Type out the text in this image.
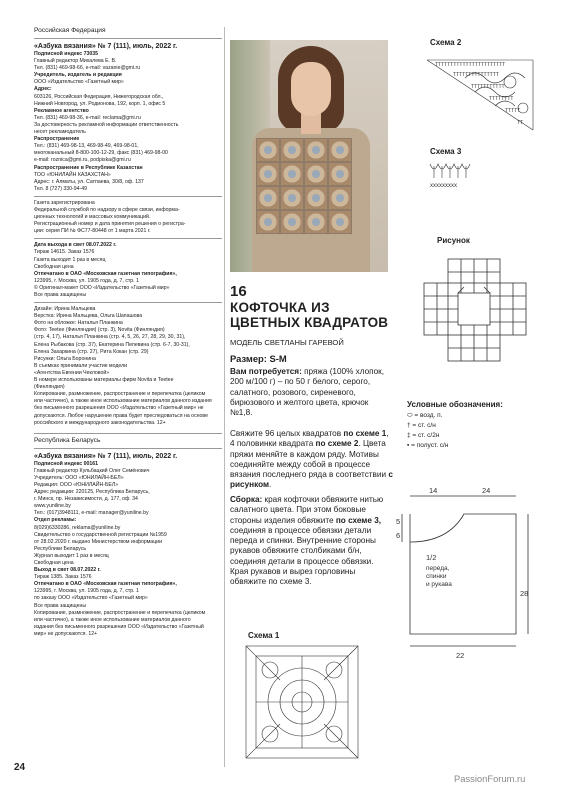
Российская Федерация

«Азбука вязания» № 7 (111), июль, 2022 г.

Подписной индекс 73035

Главный редактор Михалева Е. В.

Тел. (831) 469-98-66, e-mail: vazanie@gmi.ru

Учредитель, издатель и редакция

ООО «Издательство «Газетный мир»

Адрес:

603126, Российская Федерация, Нижегородская обл.,

Нижний Новгород, ул. Родионова, 192, корп. 1, офис 5

Рекламное агентство

Тел. (831) 469-98-36, e-mail: reclama@gmi.ru

За достоверность рекламной информации ответственность

несет рекламодатель

Распространение

Тел.: (831) 469-98-13, 469-98-49, 469-98-01,

многоканальный 8-800-100-12-29, факс (831) 469-98-00

e-mail: roznica@gmi.ru, podpiska@gmi.ru

Распространение в Республике Казахстан

ТОО «ЮНИЛАЙН КАЗАХСТАН»

Адрес: г. Алматы, ул. Сатпаева, 30/8, оф. 137

Тел. 8 (727) 330-94-49

Газета зарегистрирована

Федеральной службой по надзору в сфере связи, информа-

ционных технологий и массовых коммуникаций.

Регистрационный номер и дата принятия решения о регистра-

ции: серия ПИ № ФС77-80448 от 1 марта 2021 г.

Дата выхода в свет 08.07.2022 г.

Тираж 14615. Заказ 1576

Газета выходит 1 раз в месяц

Свободная цена

Отпечатано в ОАО «Московская газетная типография»,

123995, г. Москва, ул. 1905 года, д. 7, стр. 1

© Оригинал-макет ООО «Издательство «Газетный мир»

Все права защищены

Дизайн: Ирина Мальцева

Верстка: Ирина Мальцева, Ольга Шапашова

Фото на обложке: Наталья Планкина

Фото: Teetee (Финляндия) (стр. 3), Novita (Финляндия)

(стр. 4, 17), Наталья Планкина (стр. 4, 5, 26, 27, 28, 29, 30, 31),

Елена Рыбакова (стр. 37), Екатерина Пелевина (стр. 6-7, 30-31),

Елена Захаркина (стр. 27), Рита Кокан (стр. 29)

Рисунки: Ольга Боронина

В съемках принимали участие модели

«Агентства Евгении Чекловой»

В номере использованы материалы фирм Novita и Teetee

(Финляндия)

Копирование, размножение, распространение и перепечатка (целиком

или частично), а также иное использование материалов данного издания

без письменного разрешения ООО «Издательство «Газетный мир» не

допускаются. Любое нарушение права будет преследоваться на основе

российского и международного законодательства. 12+

Республика Беларусь

«Азбука вязания» № 7 (111), июль, 2022 г.

Подписной индекс 00161

Главный редактор Кульбацкий Олег Семёнович

Учредитель: ООО «ЮНИЛАЙН-БЕЛ»

Редакция: ООО «ЮНИЛАЙН-БЕЛ»

Адрес редакции: 220125, Республика Беларусь,

г. Минск, пр. Независимости, д. 177, оф. 34

www.yuniline.by

Тел.: (017)3948111, e-mail: manager@yuniline.by

Отдел рекламы:

8(029)6330286, reklama@yuniline.by

Свидетельство о государственной регистрации №1959

от 28.02.2020 г. выдано Министерством информации

Республики Беларусь

Журнал выходит 1 раз в месяц

Свободная цена

Выход в свет 08.07.2022 г.

Тираж 1385. Заказ 1576

Отпечатано в ОАО «Московская газетная типография»,

123995, г. Москва, ул. 1905 года, д. 7, стр. 1

по заказу ООО «Издательство «Газетный мир»

Все права защищены

Копирование, размножение, распространение и перепечатка (целиком

или частично), а также иное использование материалов данного

издания без письменного разрешения ООО «Издательство «Газетный

мир» не допускаются. 12+

16
КОФТОЧКА ИЗ ЦВЕТНЫХ КВАДРАТОВ
МОДЕЛЬ СВЕТЛАНЫ ГАРЕВОЙ
Размер: S-M

Вам потребуется: пряжа (100% хлопок, 200 м/100 г) – по 50 г белого, серого, салатного, розового, сиреневого, бирюзового и желтого цвета, крючок №1,8.

Свяжите 96 целых квадратов по схеме 1, 4 половинки квадрата по схеме 2. Цвета пряжи меняйте в каждом ряду. Мотивы соединяйте между собой в процессе вязания последнего ряда в соответствии с рисунком.

Сборка: края кофточки обвяжите нитью салатного цвета. При этом боковые стороны изделия обвяжите по схеме 3, соединяя в процессе обвязки детали переда и спинки. Внутренние стороны рукавов обвяжите столбиками б/н, соединяя детали в процессе обвязки. Края рукавов и вырез горловины обвяжите по схеме 3.

Схема 2
Схема 3
Рисунок
Схема 1
TTTTTTTTTTTTTTTTTTTTTTT
TTTTTTTTTTTTTTT
TTTTTTTTTTT
TTTTTTTT
TTTTT
TT
xxxxxxxxx
Условные обозначения:
⬭ = возд. п.
† = ст. с/н
‡ = ст. с/2н
▪ = полуст. с/н
14	24
5
6
28
22
1/2
переда,
спинки
и рукава
24
PassionForum.ru
